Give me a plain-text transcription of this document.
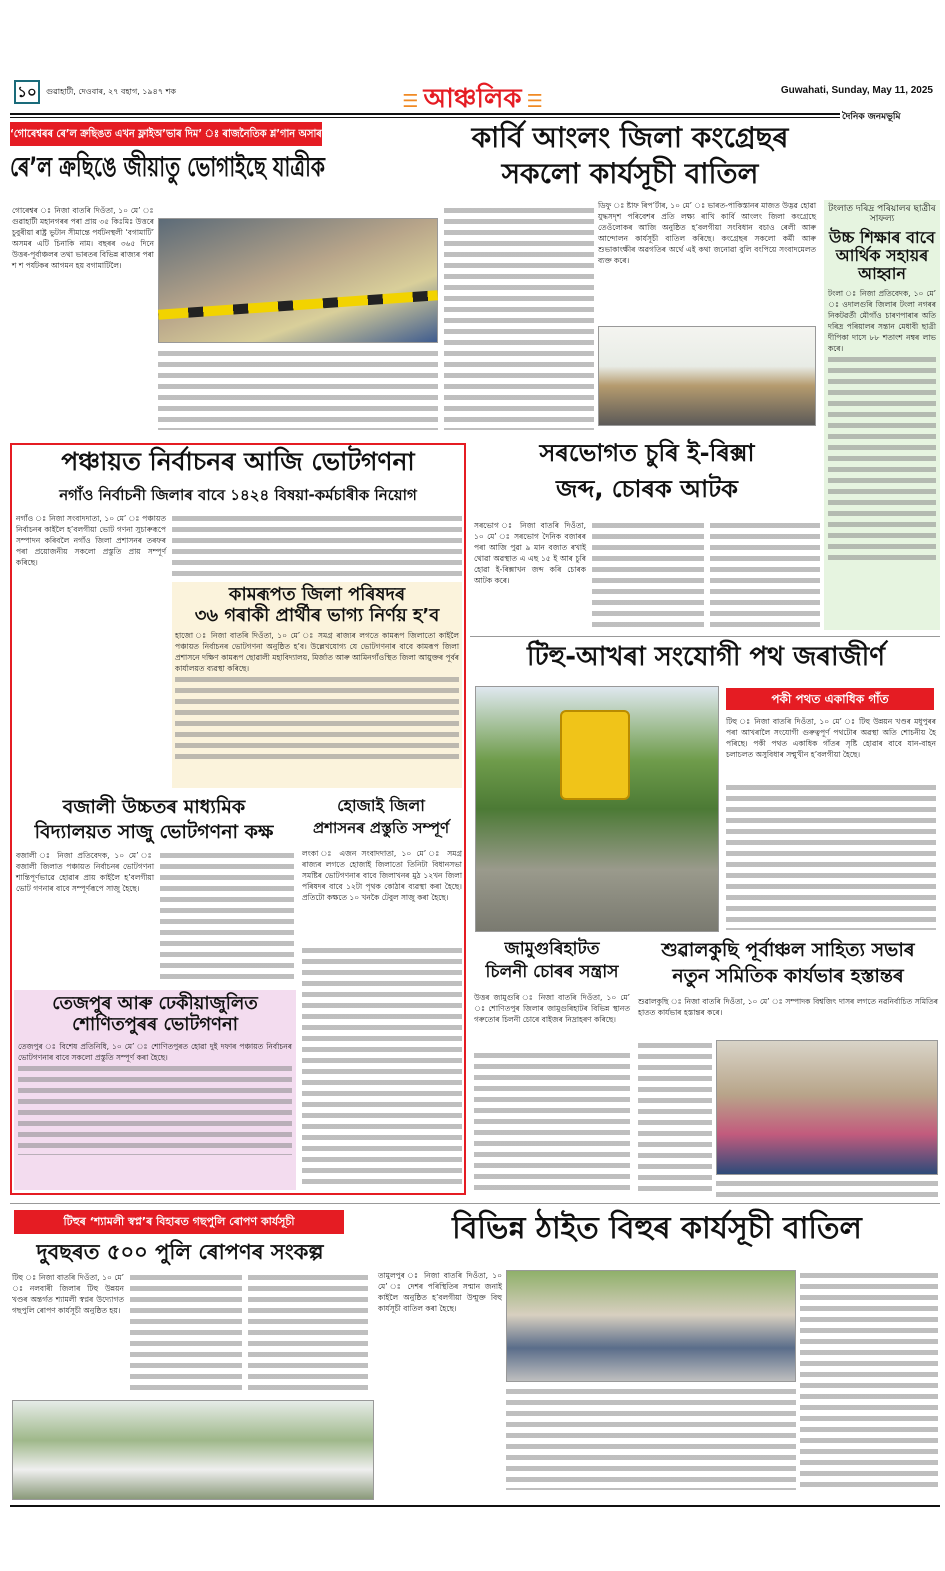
১০	গুৱাহাটী, দেওবাৰ, ২৭ বহাগ, ১৯৪৭ শক	☰ আঞ্চলিক ☰
Guwahati, Sunday, May 11, 2025
দৈনিক জনমভূমি
‘গোৰেশ্বৰৰ ৰে’ল ক্ৰছিঙত এখন ফ্লাইঅ’ভাৰ দিম’ ঃ ৰাজনৈতিক শ্ল’গান অসাৰ
ৰে’ল ক্ৰছিঙে জীয়াতু ভোগাইছে যাত্ৰীক
গোৰেশ্বৰ ঃ নিজা বাতৰি দিওঁতা, ১০ মে’ ঃ গুৱাহাটী মহানগৰৰ পৰা প্ৰায় ৩৫ কিঃমিঃ উত্তৰে চুবুৰীয়া ৰাষ্ট্ৰ ভুটান সীমান্তে পৰ্যটনস্থলী ‘বগামাটি’ অসমৰ এটি চিনাকি নাম। বছৰৰ ৩৬৫ দিনে উত্তৰ-পূৰ্বাঞ্চলৰ তথা ভাৰতৰ বিভিন্ন ৰাজ্যৰ পৰা শ শ পৰ্যটকৰ আগমন হয় বগামাটিলৈ।
কাৰ্বি আংলং জিলা কংগ্ৰেছৰ
সকলো কাৰ্যসূচী বাতিল
ডিফু ঃ ষ্টাফ ৰিপ’ৰ্টাৰ, ১০ মে’ ঃ ভাৰত-পাকিস্তানৰ মাজত উদ্ভৱ হোৱা যুদ্ধসদৃশ পৰিবেশৰ প্ৰতি লক্ষ্য ৰাখি কাৰ্বি আংলং জিলা কংগ্ৰেছে তেওঁলোকৰ আজি অনুষ্ঠিত হ’বলগীয়া সংবিধান বচাও ৰেলী আৰু আন্দোলন কাৰ্যসূচী বাতিল কৰিছে। কংগ্ৰেছৰ সকলো কৰ্মী আৰু শুভাকাংক্ষীৰ অৱগতিৰ অৰ্থে এই কথা জনোৱা বুলি বংপিয়ে সংবাদমেলত ব্যক্ত কৰে।
টংলাত দৰিদ্ৰ পৰিয়ালৰ ছাত্ৰীৰ সাফল্য
উচ্চ শিক্ষাৰ বাবে আৰ্থিক সহায়ৰ আহ্বান
টংলা ঃ নিজা প্ৰতিবেদক, ১০ মে’ ঃ ওদালগুৰি জিলাৰ টংলা নগৰৰ নিকটৱৰ্তী মৌগাঁও চাৰণপাৰাৰ অতি দৰিদ্ৰ পৰিয়ালৰ সন্তান মেধাবী ছাত্ৰী দীপিকা দাসে ৮৮ শতাংশ নম্বৰ লাভ কৰে।
পঞ্চায়ত নিৰ্বাচনৰ আজি ভোটগণনা
নগাঁও নিৰ্বাচনী জিলাৰ বাবে ১৪২৪ বিষয়া-কৰ্মচাৰীক নিয়োগ
নগাঁও ঃ নিজা সংবাদদাতা, ১০ মে’ ঃ পঞ্চায়ত নিৰ্বাচনৰ কাইলৈ হ’বলগীয়া ভোট গণনা সুচাৰুৰূপে সম্পাদন কৰিবলৈ নগাঁও জিলা প্ৰশাসনৰ তৰফৰ পৰা প্ৰয়োজনীয় সকলো প্ৰস্তুতি প্ৰায় সম্পূৰ্ণ কৰিছে।
কামৰূপত জিলা পৰিষদৰ
৩৬ গৰাকী প্ৰাৰ্থীৰ ভাগ্য নিৰ্ণয় হ’ব
হাজো ঃ নিজা বাতৰি দিওঁতা, ১০ মে’ ঃ সমগ্ৰ ৰাজ্যৰ লগতে কামৰূপ জিলাতো কাইলৈ পঞ্চায়ত নিৰ্বাচনৰ ভোটগণনা অনুষ্ঠিত হ’ব। উল্লেখযোগ্য যে ভোটগণনাৰ বাবে কামৰূপ জিলা প্ৰশাসনে দক্ষিণ কামৰূপ ছোৱালী মহাবিদ্যালয়, মিৰ্জাত আৰু আমিনগাঁওস্থিত জিলা আয়ুক্তৰ পূৰ্বৰ কাৰ্যালয়ত ব্যৱস্থা কৰিছে।
বজালী উচ্চতৰ মাধ্যমিক
বিদ্যালয়ত সাজু ভোটগণনা কক্ষ
বজালী ঃ নিজা প্ৰতিবেদক, ১০ মে’ ঃ বজালী জিলাত পঞ্চায়ত নিৰ্বাচনৰ ভোটগণনা শান্তিপূৰ্ণভাৱে হোৱাৰ প্ৰায় কাইলৈ হ’বলগীয়া ভোট গণনাৰ বাবে সম্পূৰ্ণৰূপে সাজু হৈছে।
হোজাই জিলা
প্ৰশাসনৰ প্ৰস্তুতি সম্পূৰ্ণ
লংকা ঃ এজন সংবাদদাতা, ১০ মে’ ঃ সমগ্ৰ ৰাজ্যৰ লগতে হোজাই জিলাতো তিনিটা বিধানসভা সমষ্টিৰ ভোটগণনাৰ বাবে জিলাখনৰ মুঠ ১২খন জিলা পৰিষদৰ বাবে ১২টা পৃথক কোঠাৰ ব্যৱস্থা কৰা হৈছে। প্ৰতিটো কক্ষতে ১০ খনকৈ টেবুল সাজু কৰা হৈছে।
তেজপুৰ আৰু ঢেকীয়াজুলিত
শোণিতপুৰৰ ভোটগণনা
তেজপুৰ ঃ বিশেষ প্ৰতিনিধি, ১০ মে’ ঃ শোণিতপুৰত হোৱা দুই দফাৰ পঞ্চায়ত নিৰ্বাচনৰ ভোটগণনাৰ বাবে সকলো প্ৰস্তুতি সম্পূৰ্ণ কৰা হৈছে।
সৰভোগত চুৰি ই-ৰিক্সা
জব্দ, চোৰক আটক
সৰভোগ ঃ নিজা বাতৰি দিওঁতা, ১০ মে’ ঃ সৰভোগ দৈনিক বজাৰৰ পৰা আজি পুৱা ৯ মান বজাত ৰখাই থোৱা অৱস্থাত এ এছ ১৫ ই আৰ চুৰি হোৱা ই-ৰিক্সাখন জব্দ কৰি চোৰক আটক কৰে।
টিহু-আখৰা সংযোগী পথ জৰাজীৰ্ণ
পকী পথত একাধিক গাঁত
টিহু ঃ নিজা বাতৰি দিওঁতা, ১০ মে’ ঃ টিহু উন্নয়ন খণ্ডৰ মধুপুৰৰ পৰা আখৰালৈ সংযোগী গুৰুত্বপূৰ্ণ পথটোৰ অৱস্থা অতি শোচনীয় হৈ পৰিছে। পকী পথত একাধিক গাঁতৰ সৃষ্টি হোৱাৰ বাবে যান-বাহন চলাচলত অসুবিধাৰ সন্মুখীন হ’বলগীয়া হৈছে।
জামুগুৰিহাটত
চিলনী চোৰৰ সন্ত্ৰাস
উত্তৰ জামুগুৰি ঃ নিজা বাতৰি দিওঁতা, ১০ মে’ ঃ শোণিতপুৰ জিলাৰ জামুগুৰিহাটৰ বিভিন্ন স্থানত গৰুতোৰ চিলনী চোৰে বাইজৰ নিদ্ৰাহৰণ কৰিছে।
শুৱালকুছি পূৰ্বাঞ্চল সাহিত্য সভাৰ
নতুন সমিতিক কাৰ্যভাৰ হস্তান্তৰ
শুৱালকুছি ঃ নিজা বাতৰি দিওঁতা, ১০ মে’ ঃ সম্পাদক বিশ্বজিৎ দাসৰ লগতে নৱনিৰ্বাচিত সমিতিৰ হাতত কাৰ্যভাৰ হস্তান্তৰ কৰে।
টিহুৰ ‘শ্যামলী স্বপ্ন’ৰ বিহাৰত গছপুলি ৰোপণ কাৰ্যসূচী
দুবছৰত ৫০০ পুলি ৰোপণৰ সংকল্প
টিহু ঃ নিজা বাতৰি দিওঁতা, ১০ মে’ ঃ নলবাৰী জিলাৰ টিহু উন্নয়ন খণ্ডৰ অন্তৰ্গত শ্যামলী স্বপ্নৰ উদ্যোগত গছপুলি ৰোপণ কাৰ্যসূচী অনুষ্ঠিত হয়।
বিভিন্ন ঠাইত বিহুৰ কাৰ্যসূচী বাতিল
তামুলপুৰ ঃ নিজা বাতৰি দিওঁতা, ১০ মে’ ঃ দেশৰ পৰিস্থিতিৰ সন্মান জনাই কাইলৈ অনুষ্ঠিত হ’বলগীয়া উন্মুক্ত বিহু কাৰ্যসূচী বাতিল কৰা হৈছে।
